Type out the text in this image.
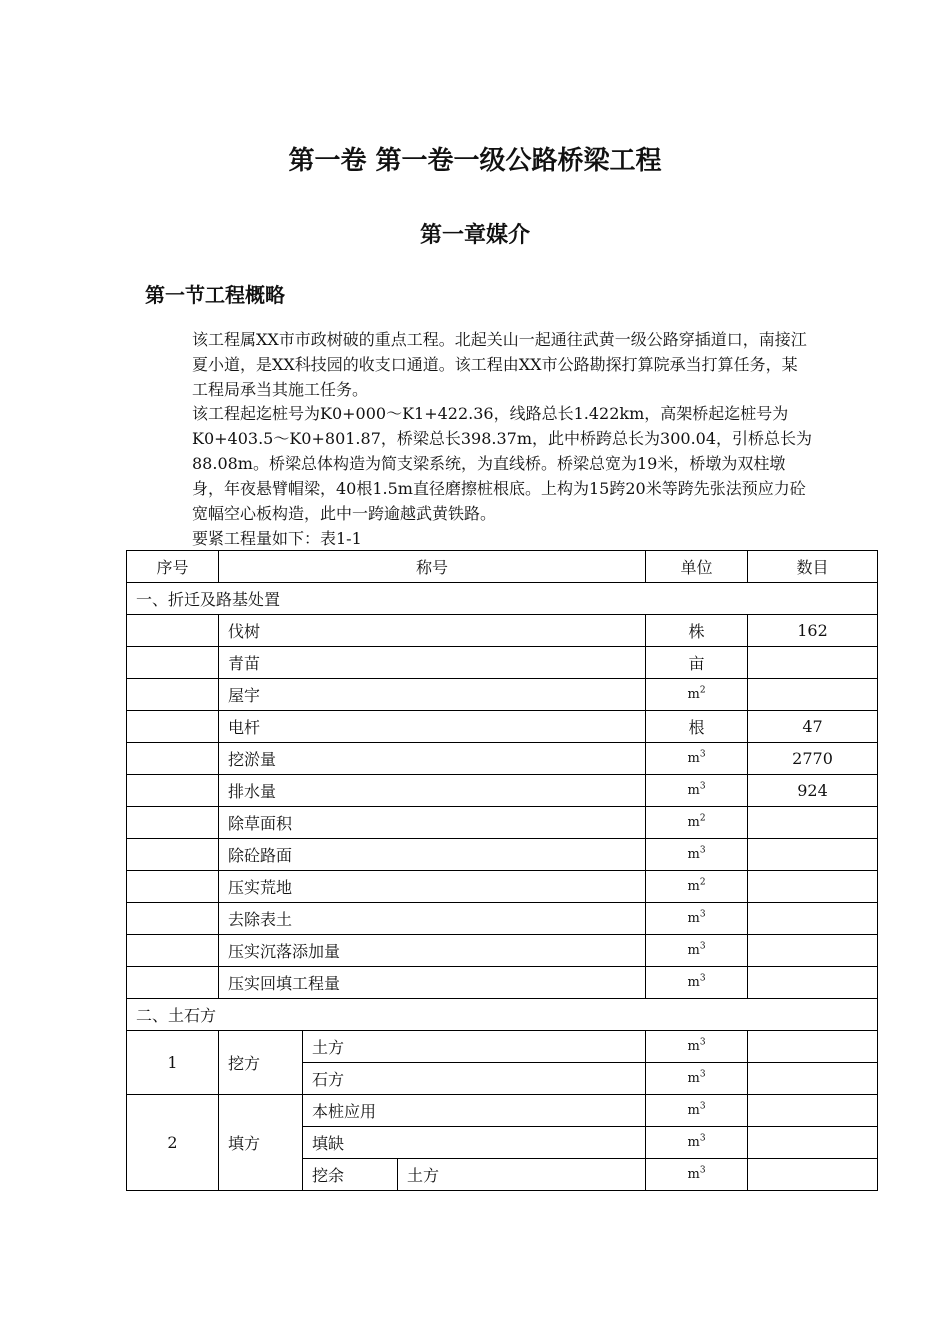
第一卷 第一卷一级公路桥梁工程
第一章媒介
第一节工程概略
该工程属XX市市政树破的重点工程。北起关山一起通往武黄一级公路穿插道口，南接江夏小道，是XX科技园的收支口通道。该工程由XX市公路勘探打算院承当打算任务，某工程局承当其施工任务。
该工程起迄桩号为K0+000～K1+422.36，线路总长1.422km，高架桥起迄桩号为K0+403.5～K0+801.87，桥梁总长398.37m，此中桥跨总长为300.04，引桥总长为88.08m。桥梁总体构造为简支梁系统，为直线桥。桥梁总宽为19米，桥墩为双柱墩身，年夜悬臂帽梁，40根1.5m直径磨擦桩根底。上构为15跨20米等跨先张法预应力砼宽幅空心板构造，此中一跨逾越武黄铁路。
要紧工程量如下：表1-1
序号	称号			单位	数目
一、折迁及路基处置					
	伐树			株	162
	青苗			亩	
	屋宇			$m^2$	
	电杆			根	47
	挖淤量			$m^3$	2770
	排水量			$m^3$	924
	除草面积			$m^2$	
	除砼路面			$m^3$	
	压实荒地			$m^2$	
	去除表土			$m^3$	
	压实沉落添加量			$m^3$	
	压实回填工程量			$m^3$	
二、土石方					
1	挖方	土方		$m^3$	
		石方		$m^3$	
2	填方	本桩应用		$m^3$	
		填缺		$m^3$	
		挖余	土方	$m^3$	
